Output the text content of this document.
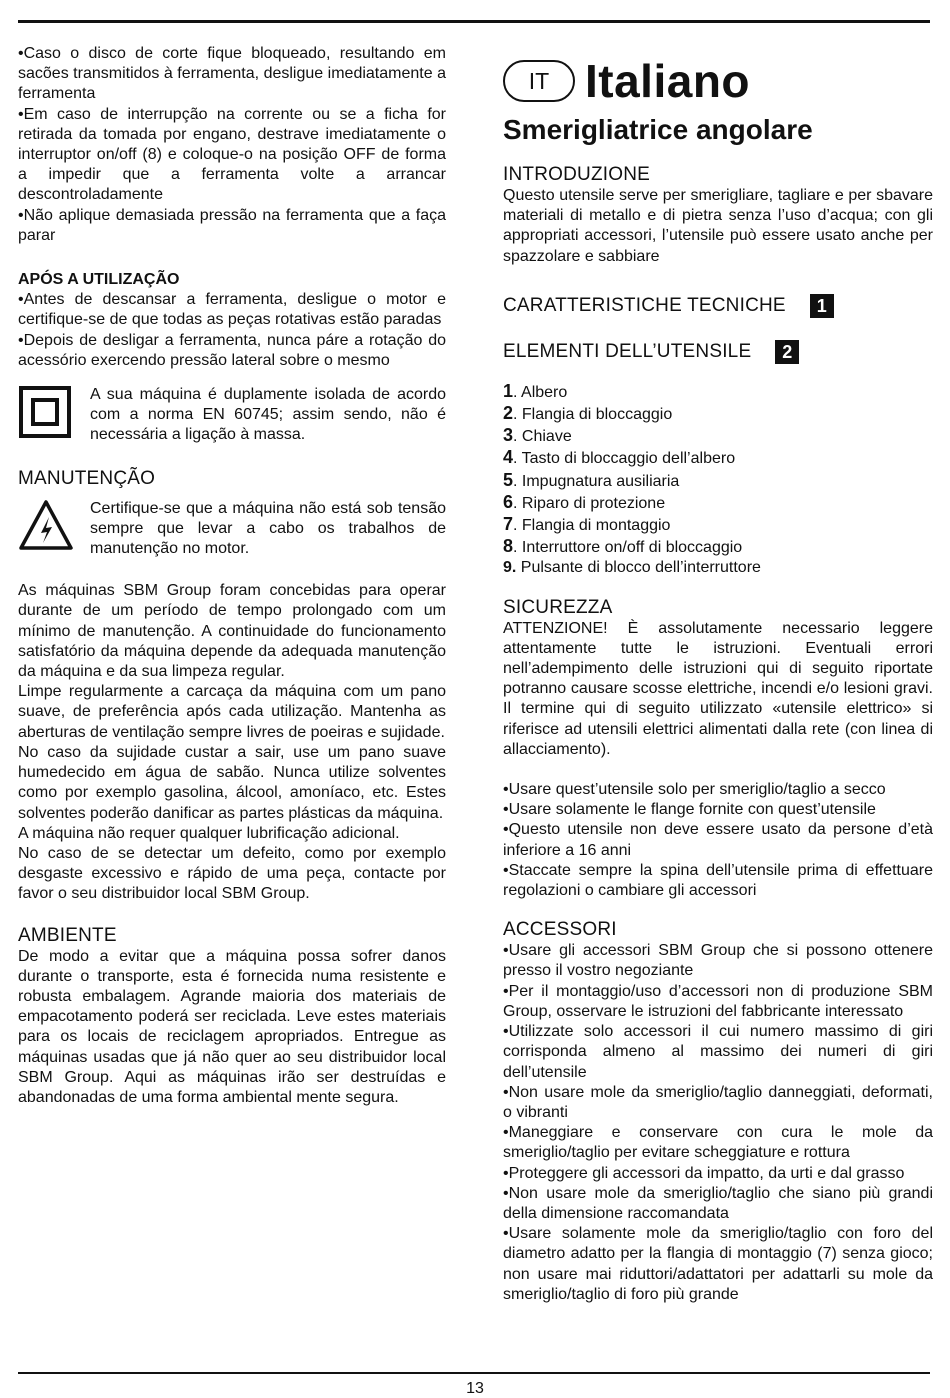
•Caso o disco de corte fique bloqueado, resultando em sacões transmitidos à ferramenta, desligue imediatamente a ferramenta

•Em caso de interrupção na corrente ou se a ficha for retirada da tomada por engano, destrave imediatamente o interruptor on/off (8) e coloque-o na posição OFF de forma a impedir que a ferramenta volte a arrancar descontroladamente

•Não aplique demasiada pressão na ferramenta que a faça parar

APÓS A UTILIZAÇÃO

•Antes de descansar a ferramenta, desligue o motor e certifique-se de que todas as peças rotativas estão paradas

•Depois de desligar a ferramenta, nunca páre a rotação do acessório exercendo pressão lateral sobre o mesmo

A sua máquina é duplamente isolada de acordo com a norma EN 60745; assim sendo, não é necessária a ligação à massa.

MANUTENÇÃO

Certifique-se que a máquina não está sob tensão sempre que levar a cabo os trabalhos de manutenção no motor.

As máquinas SBM Group foram concebidas para operar durante de um período de tempo prolongado com um mínimo de manutenção. A continuidade do funcionamento satisfatório da máquina depende da adequada manutenção da máquina e da sua limpeza regular.

Limpe regularmente a carcaça da máquina com um pano suave, de preferência após cada utilização. Mantenha as aberturas de ventilação sempre livres de poeiras e sujidade.

No caso da sujidade custar a sair, use um pano suave humedecido em água de sabão. Nunca utilize solventes como por exemplo gasolina, álcool, amoníaco, etc. Estes solventes poderão danificar as partes plásticas da máquina.

A máquina não requer qualquer lubrificação adicional.

No caso de se detectar um defeito, como por exemplo desgaste excessivo e rápido de uma peça, contacte por favor o seu distribuidor local SBM Group.

AMBIENTE

De modo a evitar que a máquina possa sofrer danos durante o transporte, esta é fornecida numa resistente e robusta embalagem. Agrande maioria dos materiais de empacotamento poderá ser reciclada. Leve estes materiais para os locais de reciclagem apropriados. Entregue as máquinas usadas que já não quer ao seu distribuidor local SBM Group. Aqui as máquinas irão ser destruídas e abandonadas de uma forma ambiental mente segura.

IT Italiano

Smerigliatrice angolare

INTRODUZIONE

Questo utensile serve per smerigliare, tagliare e per sbavare materiali di metallo e di pietra senza l’uso d’acqua; con gli appropriati accessori, l’utensile può essere usato anche per spazzolare e sabbiare

CARATTERISTICHE TECNICHE	1
ELEMENTI DELL’UTENSILE	2

1. Albero

2. Flangia di bloccaggio

3. Chiave

4. Tasto di bloccaggio dell’albero

5. Impugnatura ausiliaria

6. Riparo di protezione

7. Flangia di montaggio

8. Interruttore on/off di bloccaggio

9. Pulsante di blocco dell’interruttore

SICUREZZA

ATTENZIONE! È assolutamente necessario leggere attentamente tutte le istruzioni. Eventuali errori nell’adempimento delle istruzioni qui di seguito riportate potranno causare scosse elettriche, incendi e/o lesioni gravi. Il termine qui di seguito utilizzato «utensile elettrico» si riferisce ad utensili elettrici alimentati dalla rete (con linea di allacciamento).

•Usare quest’utensile solo per smeriglio/taglio a secco

•Usare solamente le flange fornite con quest’utensile

•Questo utensile non deve essere usato da persone d’età inferiore a 16 anni

•Staccate sempre la spina dell’utensile prima di effettuare regolazioni o cambiare gli accessori

ACCESSORI

•Usare gli accessori SBM Group che si possono ottenere presso il vostro negoziante

•Per il montaggio/uso d’accessori non di produzione SBM Group, osservare le istruzioni del fabbricante interessato

•Utilizzate solo accessori il cui numero massimo di giri corrisponda almeno al massimo dei numeri di giri dell’utensile

•Non usare mole da smeriglio/taglio danneggiati, deformati, o vibranti

•Maneggiare e conservare con cura le mole da smeriglio/taglio per evitare scheggiature e rottura

•Proteggere gli accessori da impatto, da urti e dal grasso

•Non usare mole da smeriglio/taglio che siano più grandi della dimensione raccomandata

•Usare solamente mole da smeriglio/taglio con foro del diametro adatto per la flangia di montaggio (7) senza gioco; non usare mai riduttori/adattatori per adattarli su mole da smeriglio/taglio di foro più grande

13
